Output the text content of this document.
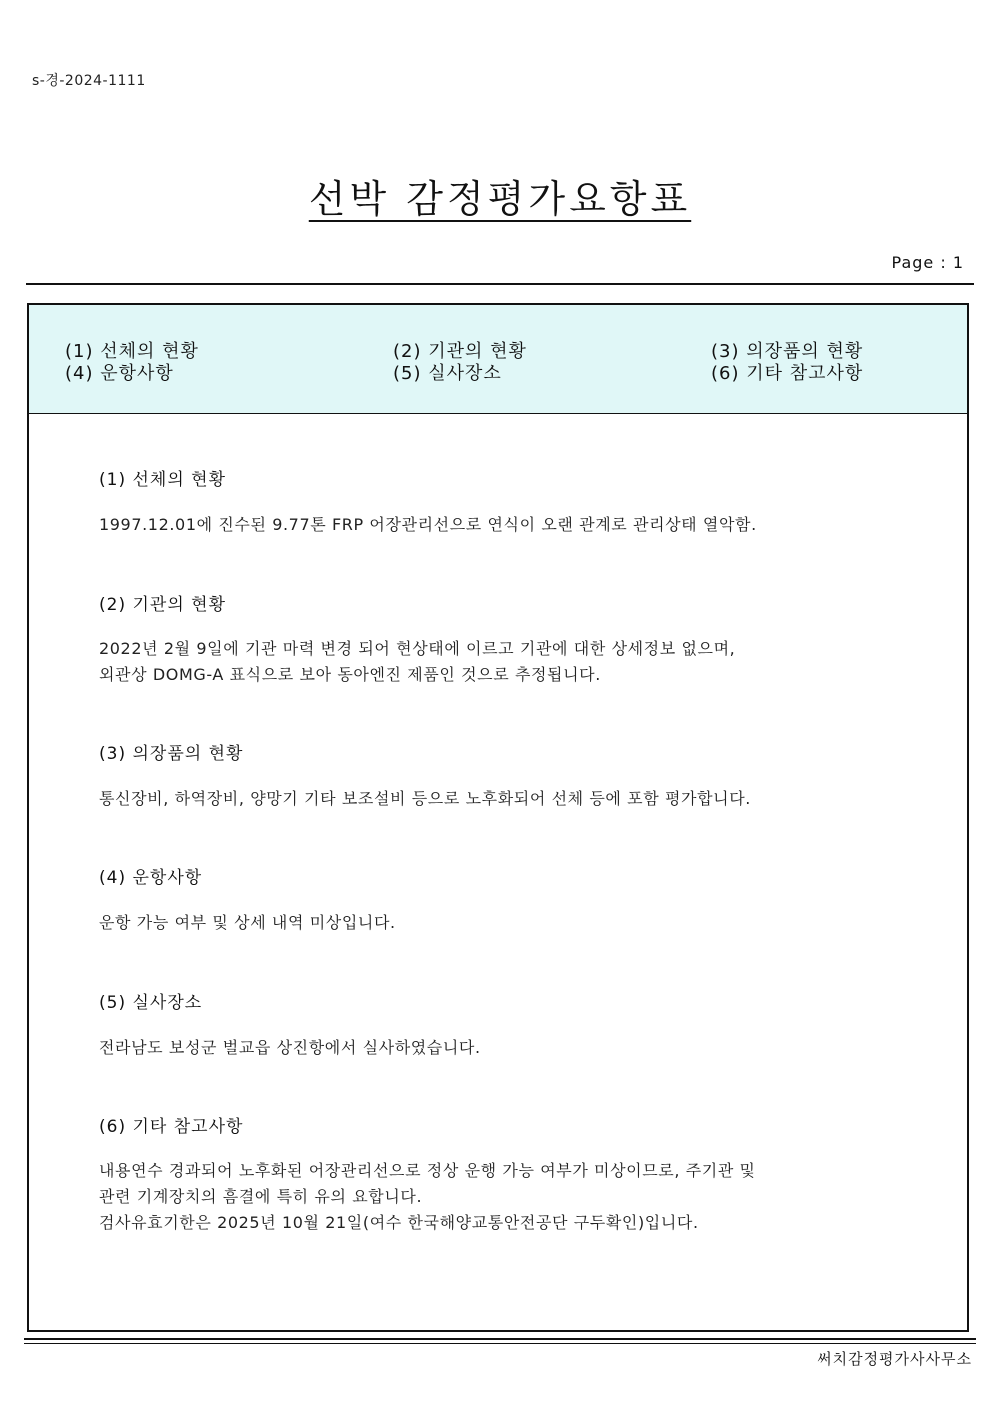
s-경-2024-1111
선박 감정평가요항표
Page : 1
(1) 선체의 현황	(2) 기관의 현황	(3) 의장품의 현황
(4) 운항사항	(5) 실사장소	(6) 기타 참고사항
(1) 선체의 현황
1997.12.01에 진수된 9.77톤 FRP 어장관리선으로 연식이 오랜 관계로 관리상태 열악함.
(2) 기관의 현황
2022년 2월 9일에 기관 마력 변경 되어 현상태에 이르고 기관에 대한 상세정보 없으며,
외관상 DOMG-A 표식으로 보아 동아엔진 제품인 것으로 추정됩니다.
(3) 의장품의 현황
통신장비, 하역장비, 양망기 기타 보조설비 등으로 노후화되어 선체 등에 포함 평가합니다.
(4) 운항사항
운항 가능 여부 및 상세 내역 미상입니다.
(5) 실사장소
전라남도 보성군 벌교읍 상진항에서 실사하였습니다.
(6) 기타 참고사항
내용연수 경과되어 노후화된 어장관리선으로 정상 운행 가능 여부가 미상이므로, 주기관 및
관련 기계장치의 흠결에 특히 유의 요합니다.
검사유효기한은 2025년 10월 21일(여수 한국해양교통안전공단 구두확인)입니다.
써치감정평가사사무소
